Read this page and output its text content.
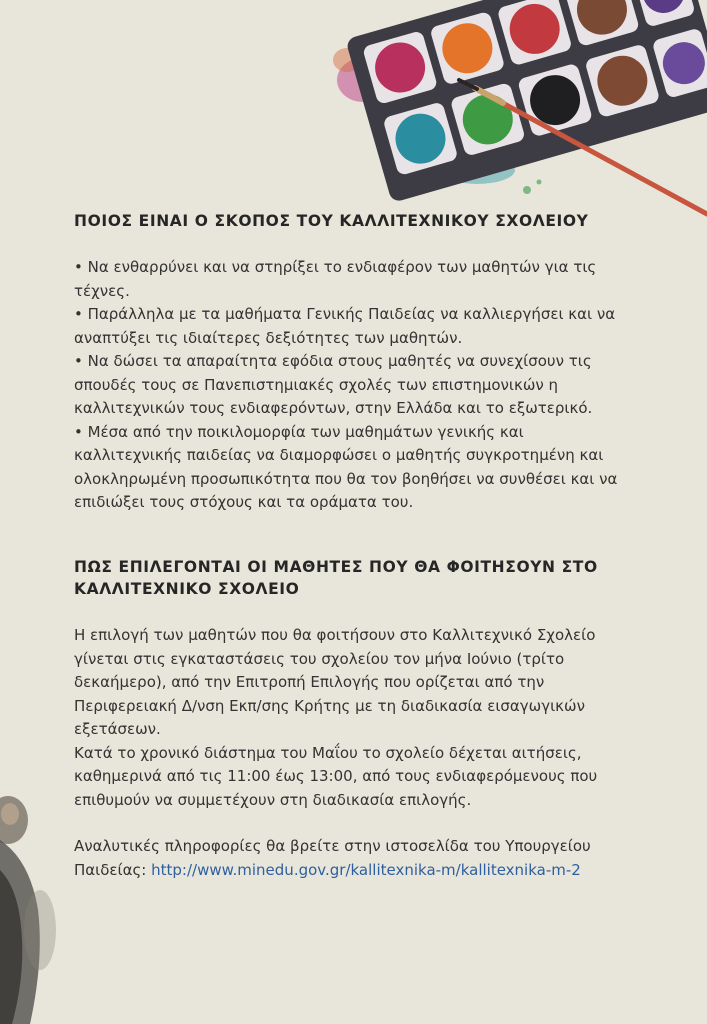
ΠΟΙΟΣ ΕΙΝΑΙ Ο ΣΚΟΠΟΣ ΤΟΥ ΚΑΛΛΙΤΕΧΝΙΚΟΥ ΣΧΟΛΕΙΟΥ

• Να ενθαρρύνει και να στηρίξει το ενδιαφέρον των μαθητών για τις τέχνες.

• Παράλληλα με τα μαθήματα Γενικής Παιδείας να καλλιεργήσει και να αναπτύξει τις ιδιαίτερες δεξιότητες των μαθητών.

• Να δώσει τα απαραίτητα εφόδια στους μαθητές να συνεχίσουν τις σπουδές τους σε Πανεπιστημιακές σχολές των επιστημονικών η καλλιτεχνικών τους ενδιαφερόντων, στην Ελλάδα και το εξωτερικό.

• Μέσα από την ποικιλομορφία των μαθημάτων γενικής και καλλιτεχνικής παιδείας να διαμορφώσει ο μαθητής συγκροτημένη και ολοκληρωμένη προσωπικότητα που θα τον βοηθήσει να συνθέσει και να επιδιώξει τους στόχους και τα οράματα του.

ΠΩΣ ΕΠΙΛΕΓΟΝΤΑΙ ΟΙ ΜΑΘΗΤΕΣ ΠΟΥ ΘΑ ΦΟΙΤΗΣΟΥΝ ΣΤΟ ΚΑΛΛΙΤΕΧΝΙΚΟ ΣΧΟΛΕΙΟ

Η επιλογή των μαθητών που θα φοιτήσουν στο Καλλιτεχνικό Σχολείο γίνεται στις εγκαταστάσεις του σχολείου τον μήνα Ιούνιο (τρίτο δεκαήμερο), από την Επιτροπή Επιλογής που ορίζεται από την Περιφερειακή Δ/νση Εκπ/σης Κρήτης με τη διαδικασία εισαγωγικών εξετάσεων.

Κατά το χρονικό διάστημα του Μαΐου το σχολείο δέχεται αιτήσεις, καθημερινά από τις 11:00 έως 13:00, από τους ενδιαφερόμενους που επιθυμούν να συμμετέχουν στη διαδικασία επιλογής.

Αναλυτικές πληροφορίες θα βρείτε στην ιστοσελίδα του Υπουργείου Παιδείας: http://www.minedu.gov.gr/kallitexnika-m/kallitexnika-m-2
